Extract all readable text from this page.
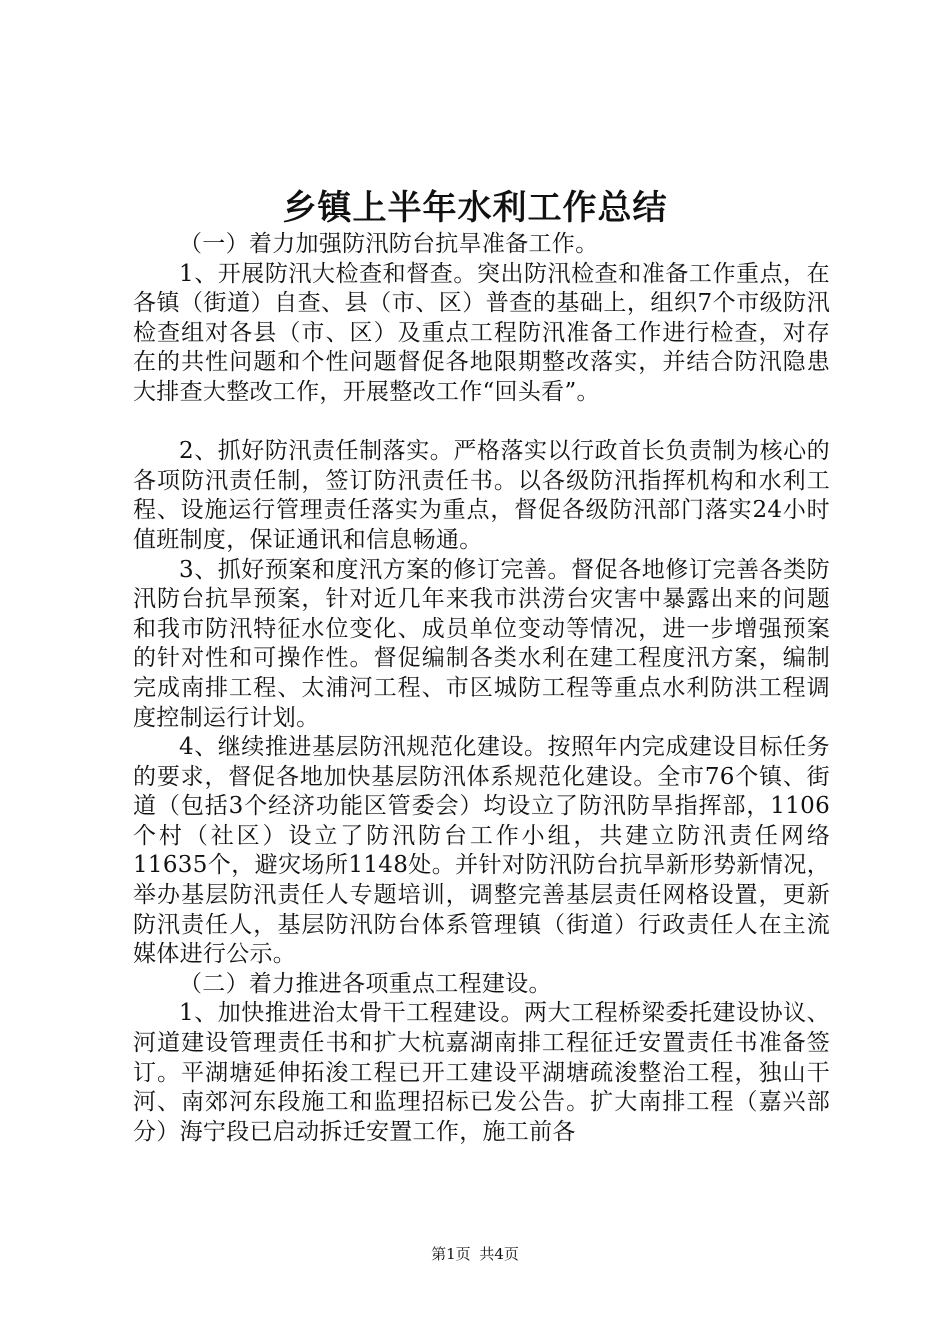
乡镇上半年水利工作总结

（一）着力加强防汛防台抗旱准备工作。

1、开展防汛大检查和督查。突出防汛检查和准备工作重点，在各镇（街道）自查、县（市、区）普查的基础上，组织7个市级防汛检查组对各县（市、区）及重点工程防汛准备工作进行检查，对存在的共性问题和个性问题督促各地限期整改落实，并结合防汛隐患大排查大整改工作，开展整改工作“回头看”。

2、抓好防汛责任制落实。严格落实以行政首长负责制为核心的各项防汛责任制，签订防汛责任书。以各级防汛指挥机构和水利工程、设施运行管理责任落实为重点，督促各级防汛部门落实24小时值班制度，保证通讯和信息畅通。

3、抓好预案和度汛方案的修订完善。督促各地修订完善各类防汛防台抗旱预案，针对近几年来我市洪涝台灾害中暴露出来的问题和我市防汛特征水位变化、成员单位变动等情况，进一步增强预案的针对性和可操作性。督促编制各类水利在建工程度汛方案，编制完成南排工程、太浦河工程、市区城防工程等重点水利防洪工程调度控制运行计划。

4、继续推进基层防汛规范化建设。按照年内完成建设目标任务的要求，督促各地加快基层防汛体系规范化建设。全市76个镇、街道（包括3个经济功能区管委会）均设立了防汛防旱指挥部，1106个村（社区）设立了防汛防台工作小组，共建立防汛责任网络11635个，避灾场所1148处。并针对防汛防台抗旱新形势新情况，举办基层防汛责任人专题培训，调整完善基层责任网格设置，更新防汛责任人，基层防汛防台体系管理镇（街道）行政责任人在主流媒体进行公示。

（二）着力推进各项重点工程建设。

1、加快推进治太骨干工程建设。两大工程桥梁委托建设协议、河道建设管理责任书和扩大杭嘉湖南排工程征迁安置责任书准备签订。平湖塘延伸拓浚工程已开工建设平湖塘疏浚整治工程，独山干河、南郊河东段施工和监理招标已发公告。扩大南排工程（嘉兴部分）海宁段已启动拆迁安置工作，施工前各

第1页 共4页
